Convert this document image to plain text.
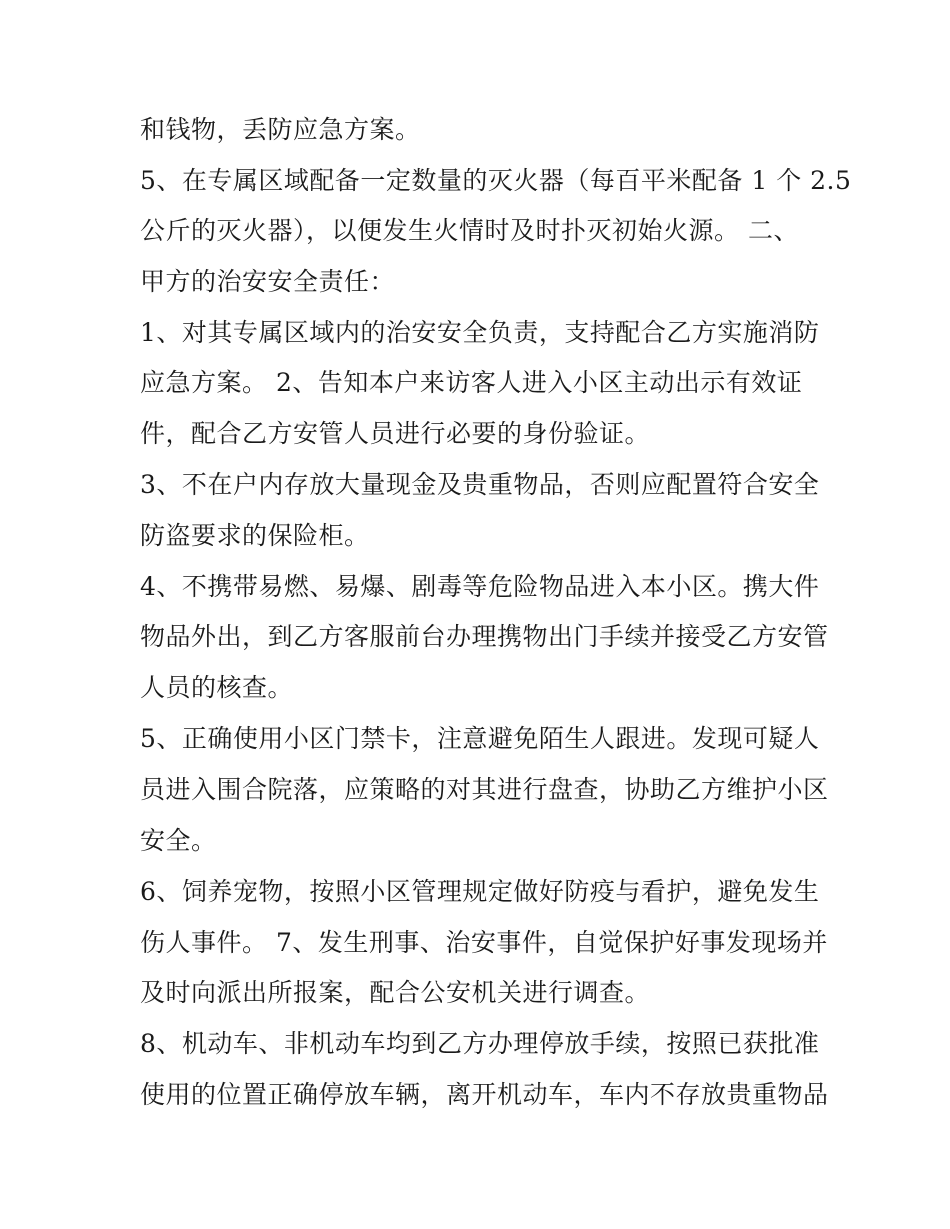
和钱物，丢防应急方案。
5、在专属区域配备一定数量的灭火器（每百平米配备 1 个 2.5
公斤的灭火器），以便发生火情时及时扑灭初始火源。 二、
甲方的治安安全责任：
1、对其专属区域内的治安安全负责，支持配合乙方实施消防
应急方案。 2、告知本户来访客人进入小区主动出示有效证
件，配合乙方安管人员进行必要的身份验证。
3、不在户内存放大量现金及贵重物品，否则应配置符合安全
防盗要求的保险柜。
4、不携带易燃、易爆、剧毒等危险物品进入本小区。携大件
物品外出，到乙方客服前台办理携物出门手续并接受乙方安管
人员的核查。
5、正确使用小区门禁卡，注意避免陌生人跟进。发现可疑人
员进入围合院落，应策略的对其进行盘查，协助乙方维护小区
安全。
6、饲养宠物，按照小区管理规定做好防疫与看护，避免发生
伤人事件。 7、发生刑事、治安事件，自觉保护好事发现场并
及时向派出所报案，配合公安机关进行调查。
8、机动车、非机动车均到乙方办理停放手续，按照已获批准
使用的位置正确停放车辆，离开机动车，车内不存放贵重物品
